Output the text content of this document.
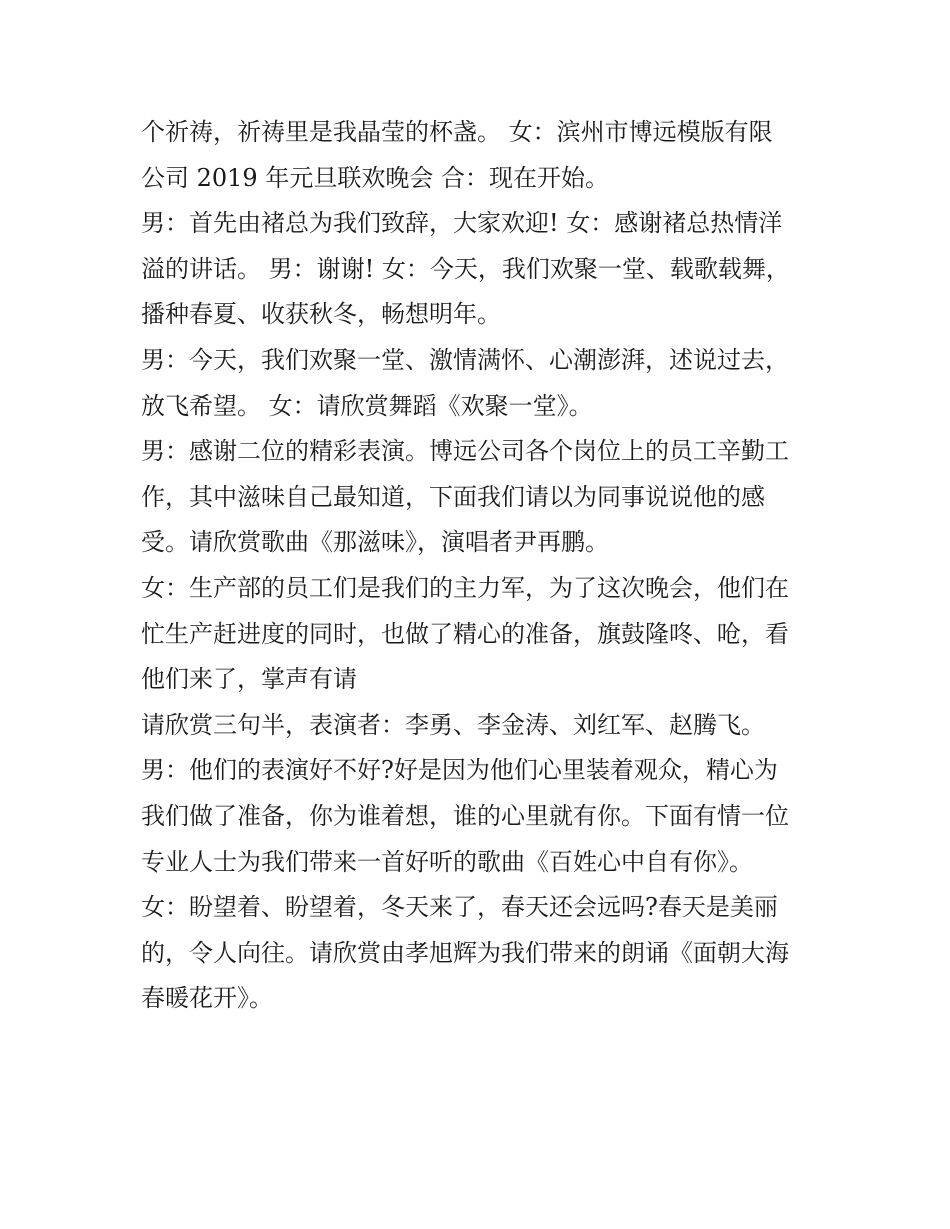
个祈祷，祈祷里是我晶莹的杯盏。 女：滨州市博远模版有限
公司 2019 年元旦联欢晚会 合：现在开始。

男：首先由褚总为我们致辞，大家欢迎! 女：感谢褚总热情洋
溢的讲话。 男：谢谢! 女：今天，我们欢聚一堂、载歌载舞，
播种春夏、收获秋冬，畅想明年。

男：今天，我们欢聚一堂、激情满怀、心潮澎湃，述说过去，
放飞希望。 女：请欣赏舞蹈《欢聚一堂》。

男：感谢二位的精彩表演。博远公司各个岗位上的员工辛勤工
作，其中滋味自己最知道，下面我们请以为同事说说他的感
受。请欣赏歌曲《那滋味》，演唱者尹再鹏。

女：生产部的员工们是我们的主力军，为了这次晚会，他们在
忙生产赶进度的同时，也做了精心的准备，旗鼓隆咚、呛，看
他们来了，掌声有请

请欣赏三句半，表演者：李勇、李金涛、刘红军、赵腾飞。

男：他们的表演好不好?好是因为他们心里装着观众，精心为
我们做了准备，你为谁着想，谁的心里就有你。下面有情一位
专业人士为我们带来一首好听的歌曲《百姓心中自有你》。

女：盼望着、盼望着，冬天来了，春天还会远吗?春天是美丽
的，令人向往。请欣赏由孝旭辉为我们带来的朗诵《面朝大海
春暖花开》。
